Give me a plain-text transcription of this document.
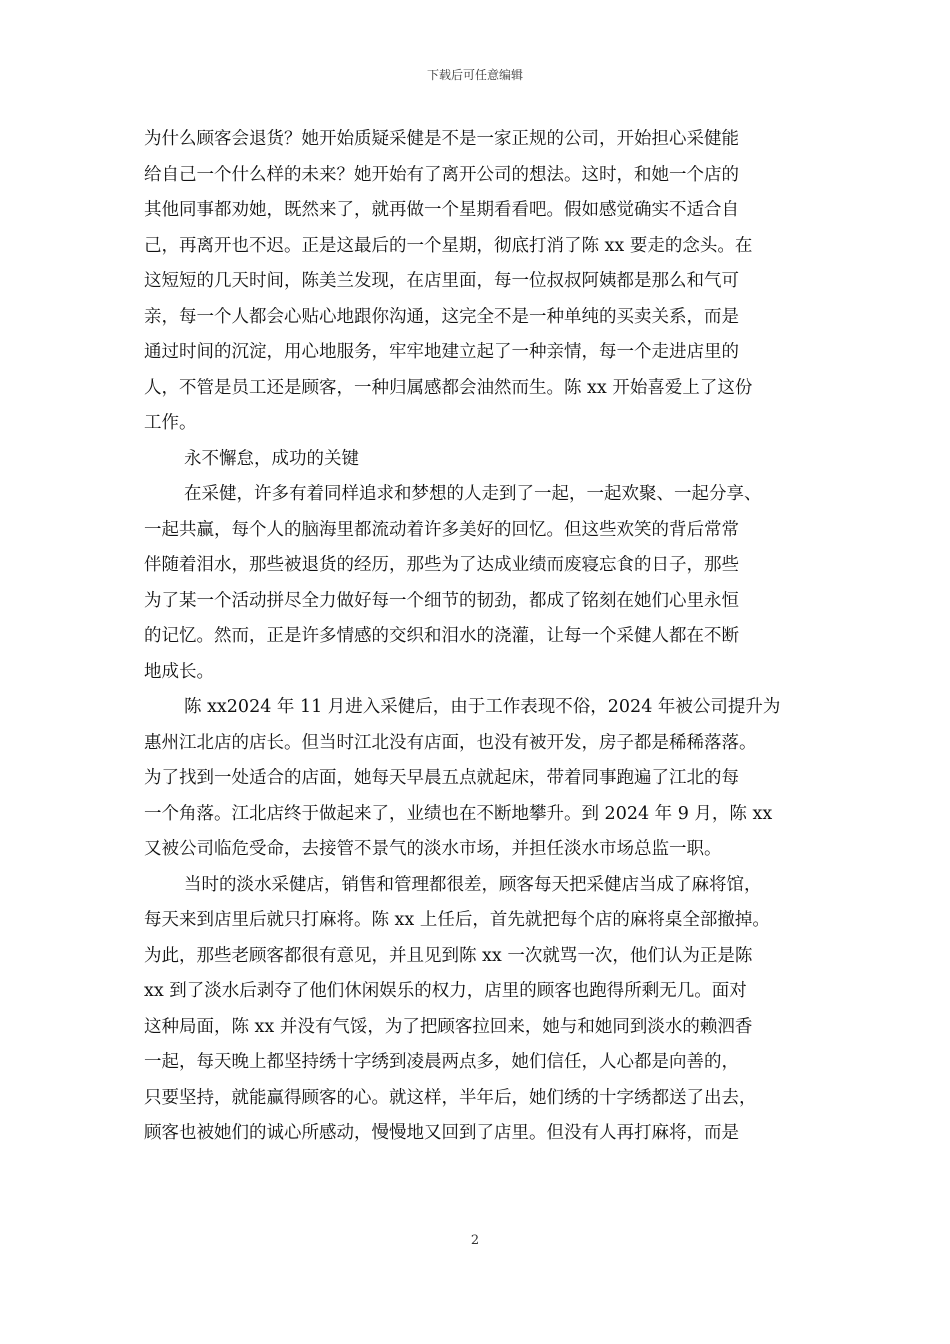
下载后可任意编辑
为什么顾客会退货？她开始质疑采健是不是一家正规的公司，开始担心采健能
给自己一个什么样的未来？她开始有了离开公司的想法。这时，和她一个店的
其他同事都劝她，既然来了，就再做一个星期看看吧。假如感觉确实不适合自
己，再离开也不迟。正是这最后的一个星期，彻底打消了陈 xx 要走的念头。在
这短短的几天时间，陈美兰发现，在店里面，每一位叔叔阿姨都是那么和气可
亲，每一个人都会心贴心地跟你沟通，这完全不是一种单纯的买卖关系，而是
通过时间的沉淀，用心地服务，牢牢地建立起了一种亲情，每一个走进店里的
人，不管是员工还是顾客，一种归属感都会油然而生。陈 xx 开始喜爱上了这份
工作。
永不懈怠，成功的关键
在采健，许多有着同样追求和梦想的人走到了一起，一起欢聚、一起分享、
一起共赢，每个人的脑海里都流动着许多美好的回忆。但这些欢笑的背后常常
伴随着泪水，那些被退货的经历，那些为了达成业绩而废寝忘食的日子，那些
为了某一个活动拼尽全力做好每一个细节的韧劲，都成了铭刻在她们心里永恒
的记忆。然而，正是许多情感的交织和泪水的浇灌，让每一个采健人都在不断
地成长。
陈 xx2024 年 11 月进入采健后，由于工作表现不俗，2024 年被公司提升为
惠州江北店的店长。但当时江北没有店面，也没有被开发，房子都是稀稀落落。
为了找到一处适合的店面，她每天早晨五点就起床，带着同事跑遍了江北的每
一个角落。江北店终于做起来了，业绩也在不断地攀升。到 2024 年 9 月，陈 xx
又被公司临危受命，去接管不景气的淡水市场，并担任淡水市场总监一职。
当时的淡水采健店，销售和管理都很差，顾客每天把采健店当成了麻将馆，
每天来到店里后就只打麻将。陈 xx 上任后，首先就把每个店的麻将桌全部撤掉。
为此，那些老顾客都很有意见，并且见到陈 xx 一次就骂一次，他们认为正是陈
xx 到了淡水后剥夺了他们休闲娱乐的权力，店里的顾客也跑得所剩无几。面对
这种局面，陈 xx 并没有气馁，为了把顾客拉回来，她与和她同到淡水的赖泗香
一起，每天晚上都坚持绣十字绣到凌晨两点多，她们信任，人心都是向善的，
只要坚持，就能赢得顾客的心。就这样，半年后，她们绣的十字绣都送了出去，
顾客也被她们的诚心所感动，慢慢地又回到了店里。但没有人再打麻将，而是
2
